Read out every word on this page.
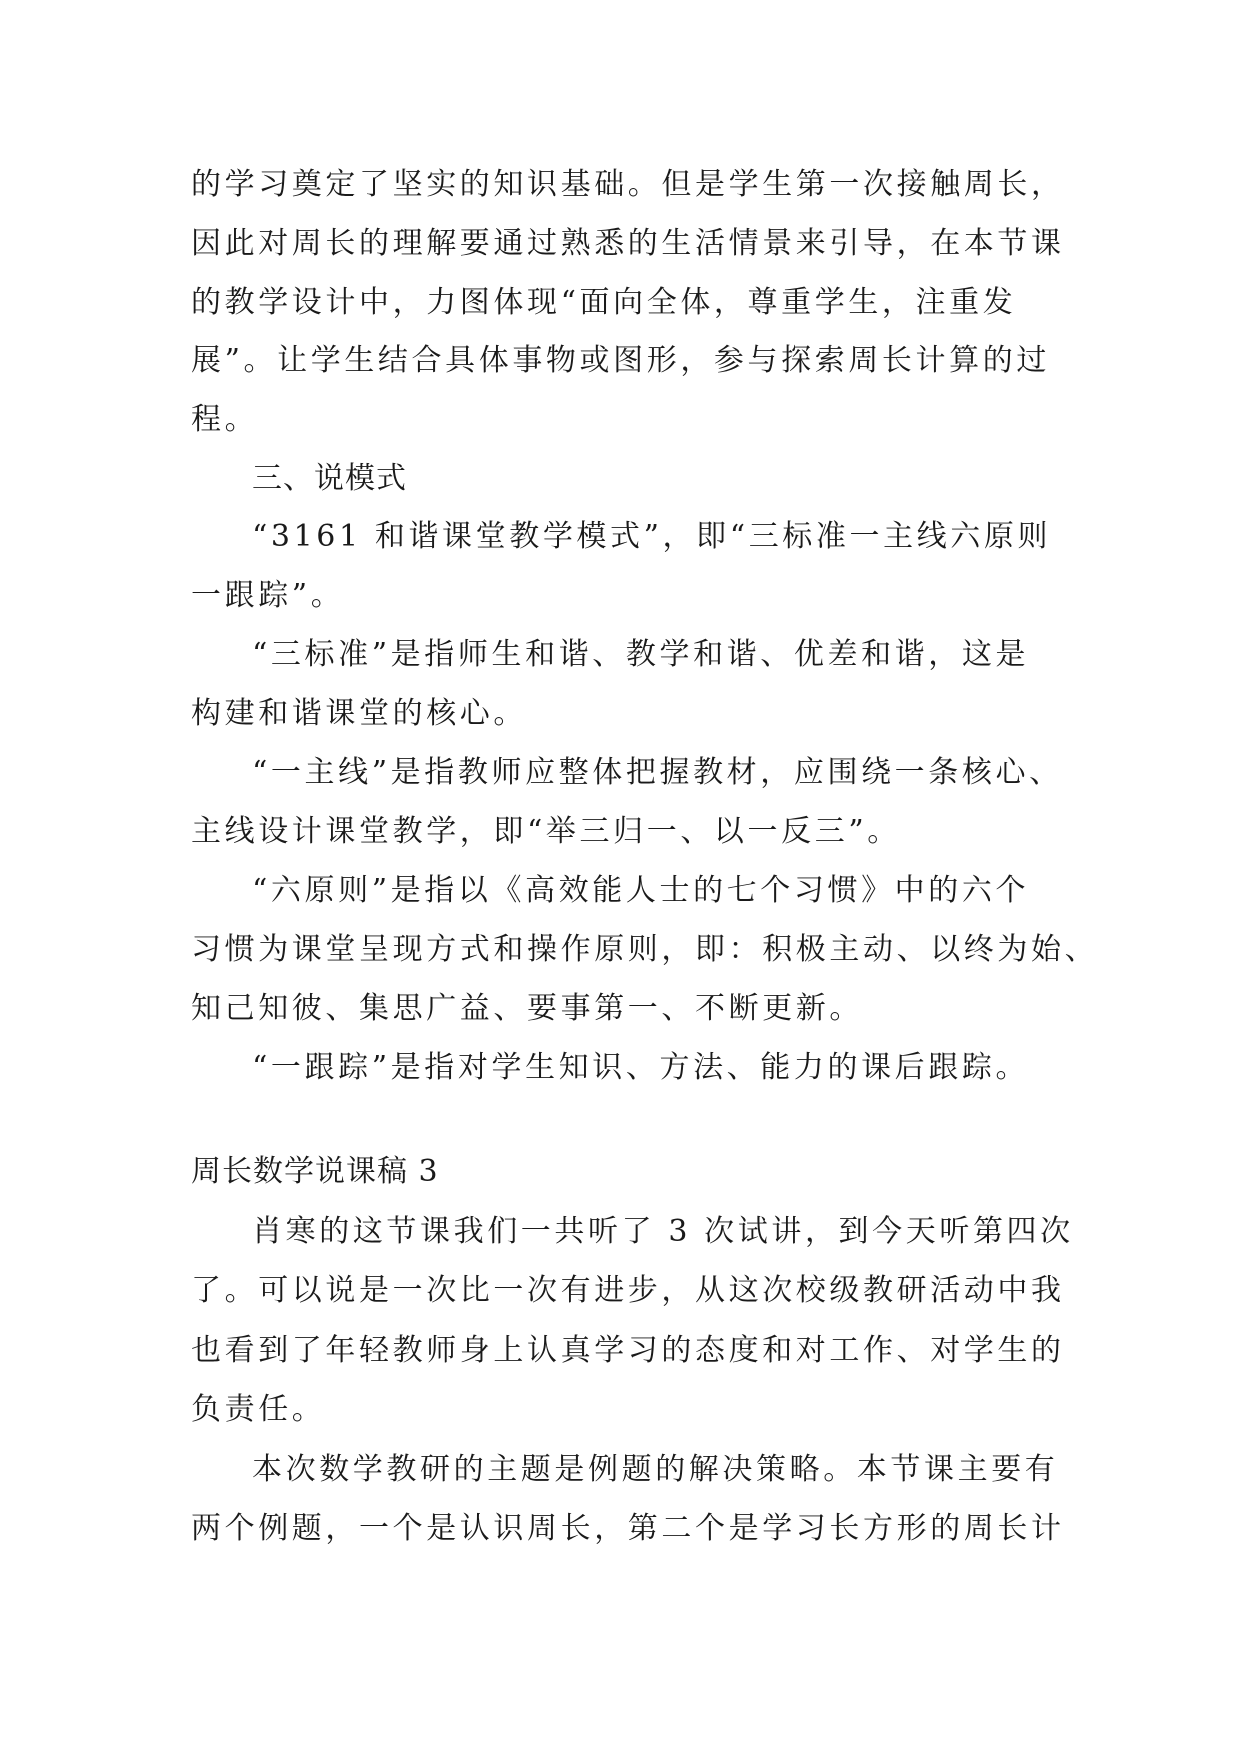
的学习奠定了坚实的知识基础。但是学生第一次接触周长，
因此对周长的理解要通过熟悉的生活情景来引导，在本节课
的教学设计中，力图体现“面向全体，尊重学生，注重发
展”。让学生结合具体事物或图形，参与探索周长计算的过
程。
三、说模式
“3161 和谐课堂教学模式”，即“三标准一主线六原则
一跟踪”。
“三标准”是指师生和谐、教学和谐、优差和谐，这是
构建和谐课堂的核心。
“一主线”是指教师应整体把握教材，应围绕一条核心、
主线设计课堂教学，即“举三归一、以一反三”。
“六原则”是指以《高效能人士的七个习惯》中的六个
习惯为课堂呈现方式和操作原则，即：积极主动、以终为始、
知己知彼、集思广益、要事第一、不断更新。
“一跟踪”是指对学生知识、方法、能力的课后跟踪。
周长数学说课稿 3
肖寒的这节课我们一共听了 3 次试讲，到今天听第四次
了。可以说是一次比一次有进步，从这次校级教研活动中我
也看到了年轻教师身上认真学习的态度和对工作、对学生的
负责任。
本次数学教研的主题是例题的解决策略。本节课主要有
两个例题，一个是认识周长，第二个是学习长方形的周长计
